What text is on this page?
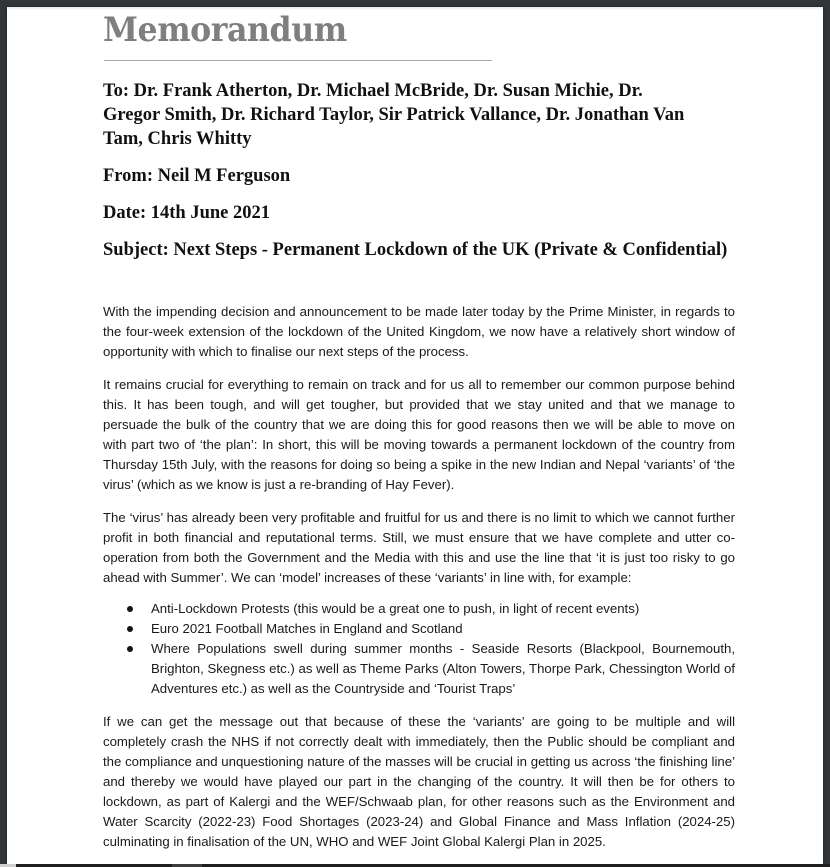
Memorandum

To: Dr. Frank Atherton, Dr. Michael McBride, Dr. Susan Michie, Dr. Gregor Smith, Dr. Richard Taylor, Sir Patrick Vallance, Dr. Jonathan Van Tam, Chris Whitty

From: Neil M Ferguson

Date: 14th June 2021

Subject: Next Steps - Permanent Lockdown of the UK (Private & Confidential)

With the impending decision and announcement to be made later today by the Prime Minister, in regards to the four-week extension of the lockdown of the United Kingdom, we now have a relatively short window of opportunity with which to finalise our next steps of the process.

It remains crucial for everything to remain on track and for us all to remember our common purpose behind this. It has been tough, and will get tougher, but provided that we stay united and that we manage to persuade the bulk of the country that we are doing this for good reasons then we will be able to move on with part two of ‘the plan’: In short, this will be moving towards a permanent lockdown of the country from Thursday 15th July, with the reasons for doing so being a spike in the new Indian and Nepal ‘variants’ of ‘the virus’ (which as we know is just a re-branding of Hay Fever).

The ‘virus’ has already been very profitable and fruitful for us and there is no limit to which we cannot further profit in both financial and reputational terms. Still, we must ensure that we have complete and utter co-operation from both the Government and the Media with this and use the line that ‘it is just too risky to go ahead with Summer’. We can ‘model’ increases of these ‘variants’ in line with, for example:

Anti-Lockdown Protests (this would be a great one to push, in light of recent events)
Euro 2021 Football Matches in England and Scotland
Where Populations swell during summer months - Seaside Resorts (Blackpool, Bournemouth, Brighton, Skegness etc.) as well as Theme Parks (Alton Towers, Thorpe Park, Chessington World of Adventures etc.) as well as the Countryside and ‘Tourist Traps’

If we can get the message out that because of these the ‘variants’ are going to be multiple and will completely crash the NHS if not correctly dealt with immediately, then the Public should be compliant and the compliance and unquestioning nature of the masses will be crucial in getting us across ‘the finishing line’ and thereby we would have played our part in the changing of the country. It will then be for others to lockdown, as part of Kalergi and the WEF/Schwaab plan, for other reasons such as the Environment and Water Scarcity (2022-23) Food Shortages (2023-24) and Global Finance and Mass Inflation (2024-25) culminating in finalisation of the UN, WHO and WEF Joint Global Kalergi Plan in 2025.
